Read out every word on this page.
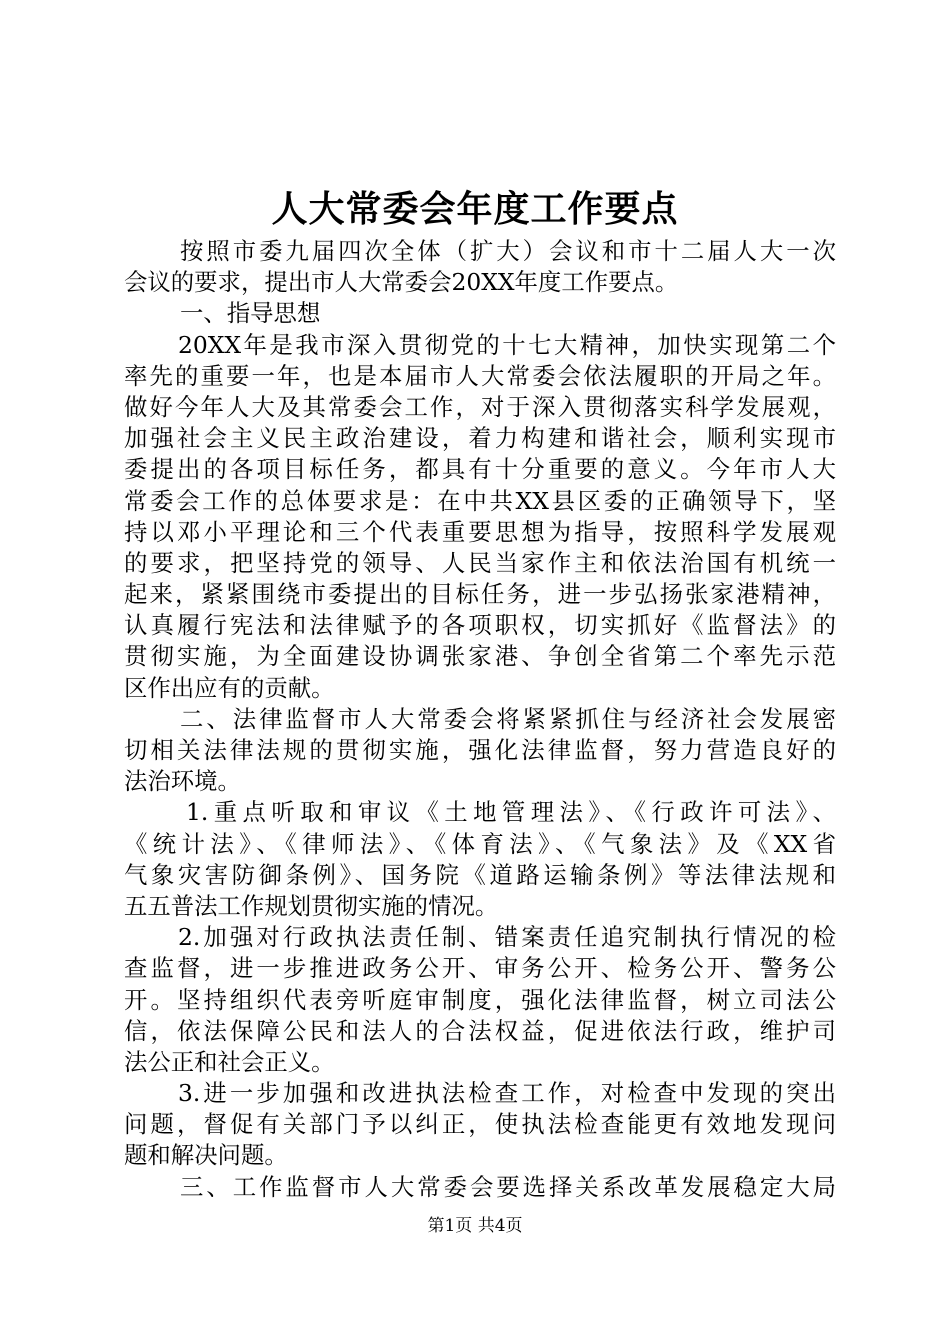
人大常委会年度工作要点
按照市委九届四次全体（扩大）会议和市十二届人大一次
会议的要求，提出市人大常委会20XX年度工作要点。
一、指导思想
20XX年是我市深入贯彻党的十七大精神，加快实现第二个
率先的重要一年，也是本届市人大常委会依法履职的开局之年。
做好今年人大及其常委会工作，对于深入贯彻落实科学发展观，
加强社会主义民主政治建设，着力构建和谐社会，顺利实现市
委提出的各项目标任务，都具有十分重要的意义。今年市人大
常委会工作的总体要求是：在中共XX县区委的正确领导下，坚
持以邓小平理论和三个代表重要思想为指导，按照科学发展观
的要求，把坚持党的领导、人民当家作主和依法治国有机统一
起来，紧紧围绕市委提出的目标任务，进一步弘扬张家港精神，
认真履行宪法和法律赋予的各项职权，切实抓好《监督法》的
贯彻实施，为全面建设协调张家港、争创全省第二个率先示范
区作出应有的贡献。
二、法律监督市人大常委会将紧紧抓住与经济社会发展密
切相关法律法规的贯彻实施，强化法律监督，努力营造良好的
法治环境。
1.重点听取和审议《土地管理法》、《行政许可法》、
《统计法》、《律师法》、《体育法》、《气象法》及《XX省
气象灾害防御条例》、国务院《道路运输条例》等法律法规和
五五普法工作规划贯彻实施的情况。
2.加强对行政执法责任制、错案责任追究制执行情况的检
查监督，进一步推进政务公开、审务公开、检务公开、警务公
开。坚持组织代表旁听庭审制度，强化法律监督，树立司法公
信，依法保障公民和法人的合法权益，促进依法行政，维护司
法公正和社会正义。
3.进一步加强和改进执法检查工作，对检查中发现的突出
问题，督促有关部门予以纠正，使执法检查能更有效地发现问
题和解决问题。
三、工作监督市人大常委会要选择关系改革发展稳定大局
第1页 共4页
